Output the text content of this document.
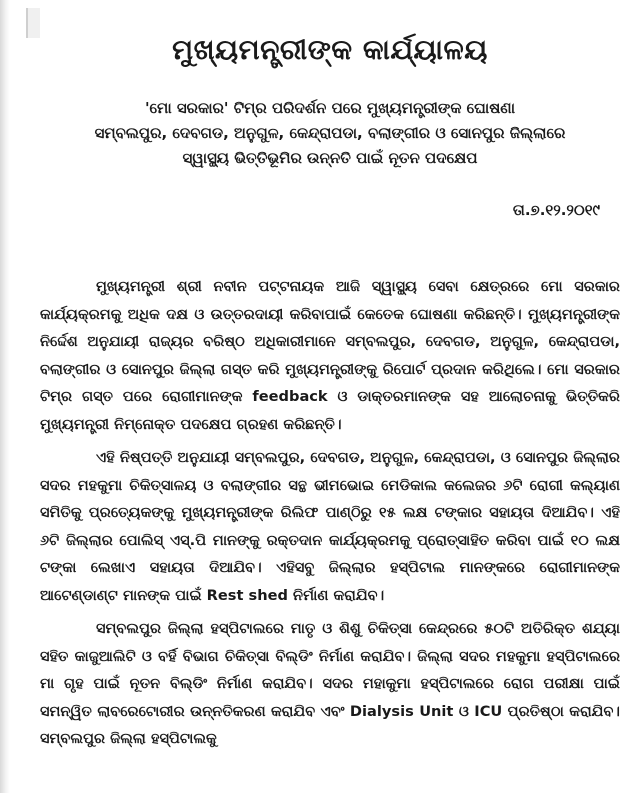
ମୁଖ୍ୟମନ୍ତ୍ରୀଙ୍କ କାର୍ଯ୍ୟାଳୟ
'ମୋ ସରକାର' ଟିମ୍‌ର ପରିଦର୍ଶନ ପରେ ମୁଖ୍ୟମନ୍ତ୍ରୀଙ୍କ ଘୋଷଣା
ସମ୍ବଲପୁର, ଦେବଗଡ, ଅନୁଗୁଳ, କେନ୍ଦ୍ରାପଡା, ବଲାଙ୍ଗୀର ଓ ସୋନପୁର ଜିଲ୍ଲାରେ
ସ୍ୱାସ୍ଥ୍ୟ ଭିତ୍ତିଭୂମିର ଉନ୍ନତି ପାଇଁ ନୂତନ ପଦକ୍ଷେପ
ତା.୭.୧୨.୨୦୧୯

ମୁଖ୍ୟମନ୍ତ୍ରୀ ଶ୍ରୀ ନବୀନ ପଟ୍ଟନାୟକ ଆଜି ସ୍ୱାସ୍ଥ୍ୟ ସେବା କ୍ଷେତ୍ରରେ ମୋ ସରକାର କାର୍ଯ୍ୟକ୍ରମକୁ ଅଧିକ ଦକ୍ଷ ଓ ଉତ୍ତରଦାୟୀ କରିବାପାଇଁ କେତେକ ଘୋଷଣା କରିଛନ୍ତି। ମୁଖ୍ୟମନ୍ତ୍ରୀଙ୍କ ନିର୍ଦ୍ଦେଶ ଅନୁଯାୟୀ ରାଜ୍ୟର ବରିଷ୍ଠ ଅଧିକାରୀମାନେ ସମ୍ବଲପୁର, ଦେବଗଡ, ଅନୁଗୁଳ, କେନ୍ଦ୍ରାପଡା, ବଲାଙ୍ଗୀର ଓ ସୋନପୁର ଜିଲ୍ଲା ଗସ୍ତ କରି ମୁଖ୍ୟମନ୍ତ୍ରୀଙ୍କୁ ରିପୋର୍ଟ ପ୍ରଦାନ କରିଥିଲେ। ମୋ ସରକାର ଟିମ୍‌ର ଗସ୍ତ ପରେ ରୋଗୀମାନଙ୍କ feedback ଓ ଡାକ୍ତରମାନଙ୍କ ସହ ଆଲୋଚନାକୁ ଭିତ୍ତିକରି ମୁଖ୍ୟମନ୍ତ୍ରୀ ନିମ୍ନୋକ୍ତ ପଦକ୍ଷେପ ଗ୍ରହଣ କରିଛନ୍ତି।

ଏହି ନିଷ୍ପତ୍ତି ଅନୁଯାୟୀ ସମ୍ବଲପୁର, ଦେବଗଡ, ଅନୁଗୁଳ, କେନ୍ଦ୍ରାପଡା, ଓ ସୋନପୁର ଜିଲ୍ଲାର ସଦର ମହକୁମା ଚିକିତ୍ସାଳୟ ଓ ବଲାଙ୍ଗୀର ସନ୍ଥ ଭୀମଭୋଇ ମେଡିକାଲ କଲେଜର ୬ଟି ରୋଗୀ କଲ୍ୟାଣ ସମିତିକୁ ପ୍ରତ୍ୟେକଙ୍କୁ ମୁଖ୍ୟମନ୍ତ୍ରୀଙ୍କ ରିଲିଫ ପାଣ୍ଠିରୁ ୧୫ ଲକ୍ଷ ଟଙ୍କାର ସହାୟତା ଦିଆଯିବ। ଏହି ୬ଟି ଜିଲ୍ଲାର ପୋଲିସ୍ ଏସ୍.ପି ମାନଙ୍କୁ ରକ୍ତଦାନ କାର୍ଯ୍ୟକ୍ରମକୁ ପ୍ରୋତ୍ସାହିତ କରିବା ପାଇଁ ୧୦ ଲକ୍ଷ ଟଙ୍କା ଲେଖାଏ ସହାୟତା ଦିଆଯିବ। ଏହିସବୁ ଜିଲ୍ଲାର ହସ୍ପିଟାଲ ମାନଙ୍କରେ ରୋଗୀମାନଙ୍କ ଆଟେଣ୍ଡାଣ୍ଟ ମାନଙ୍କ ପାଇଁ Rest shed ନିର୍ମାଣ କରାଯିବ।

ସମ୍ବଲପୁର ଜିଲ୍ଲା ହସ୍ପିଟାଲରେ ମାତୃ ଓ ଶିଶୁ ଚିକିତ୍ସା କେନ୍ଦ୍ରରେ ୫୦ଟି ଅତିରିକ୍ତ ଶଯ୍ୟା ସହିତ କାଜୁଆଲିଟି ଓ ବର୍ହି ବିଭାଗ ଚିକିତ୍ସା ବିଲ୍ଡିଂ ନିର୍ମାଣ କରାଯିବ। ଜିଲ୍ଲା ସଦର ମହକୁମା ହସ୍ପିଟାଲରେ ମା ଗୃହ ପାଇଁ ନୂତନ ବିଲ୍ଡିଂ ନିର୍ମାଣ କରାଯିବ। ସଦର ମହାକୁମା ହସ୍ପିଟାଲରେ ରୋଗ ପରୀକ୍ଷା ପାଇଁ ସମନ୍ୱିତ ଲାବରେଟୋରୀର ଉନ୍ନତିକରଣ କରାଯିବ ଏବଂ Dialysis Unit ଓ ICU ପ୍ରତିଷ୍ଠା କରାଯିବ। ସମ୍ବଲପୁର ଜିଲ୍ଲା ହସ୍ପିଟାଲକୁ
